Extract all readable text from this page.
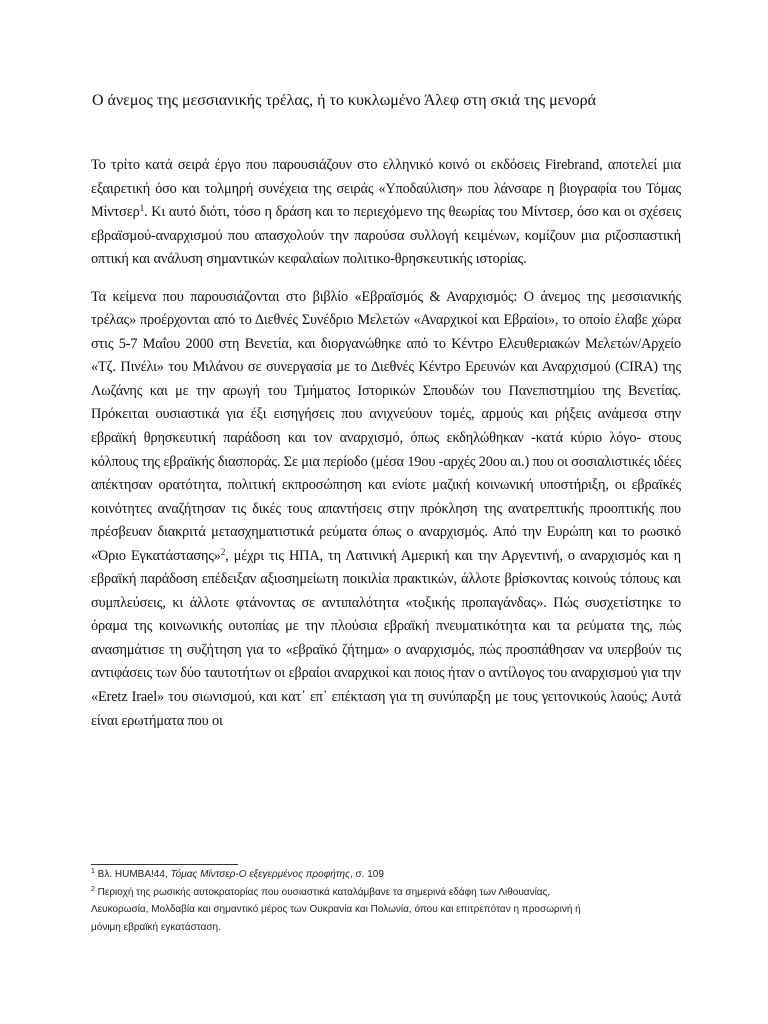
Ο άνεμος της μεσσιανικής τρέλας, ή το κυκλωμένο Άλεφ στη σκιά της μενορά

Το τρίτο κατά σειρά έργο που παρουσιάζουν στο ελληνικό κοινό οι εκδόσεις Firebrand, αποτελεί μια εξαιρετική όσο και τολμηρή συνέχεια της σειράς «Υποδαύλιση» που λάνσαρε η βιογραφία του Τόμας Μίντσερ$^1$. Κι αυτό διότι, τόσο η δράση και το περιεχόμενο της θεωρίας του Μίντσερ, όσο και οι σχέσεις εβραϊσμού-αναρχισμού που απασχολούν την παρούσα συλλογή κειμένων, κομίζουν μια ριζοσπαστική οπτική και ανάλυση σημαντικών κεφαλαίων πολιτικο-θρησκευτικής ιστορίας.

Τα κείμενα που παρουσιάζονται στο βιβλίο «Εβραϊσμός & Αναρχισμός: Ο άνεμος της μεσσιανικής τρέλας» προέρχονται από το Διεθνές Συνέδριο Μελετών «Αναρχικοί και Εβραίοι», το οποίο έλαβε χώρα στις 5-7 Μαΐου 2000 στη Βενετία, και διοργανώθηκε από το Κέντρο Ελευθεριακών Μελετών/Αρχείο «Τζ. Πινέλι» του Μιλάνου σε συνεργασία με το Διεθνές Κέντρο Ερευνών και Αναρχισμού (CIRA) της Λωζάνης και με την αρωγή του Τμήματος Ιστορικών Σπουδών του Πανεπιστημίου της Βενετίας. Πρόκειται ουσιαστικά για έξι εισηγήσεις που ανιχνεύουν τομές, αρμούς και ρήξεις ανάμεσα στην εβραϊκή θρησκευτική παράδοση και τον αναρχισμό, όπως εκδηλώθηκαν -κατά κύριο λόγο- στους κόλπους της εβραϊκής διασποράς. Σε μια περίοδο (μέσα 19ου -αρχές 20ου αι.) που οι σοσιαλιστικές ιδέες απέκτησαν ορατότητα, πολιτική εκπροσώπηση και ενίοτε μαζική κοινωνική υποστήριξη, οι εβραϊκές κοινότητες αναζήτησαν τις δικές τους απαντήσεις στην πρόκληση της ανατρεπτικής προοπτικής που πρέσβευαν διακριτά μετασχηματιστικά ρεύματα όπως ο αναρχισμός. Από την Ευρώπη και το ρωσικό «Όριο Εγκατάστασης»$^2$, μέχρι τις ΗΠΑ, τη Λατινική Αμερική και την Αργεντινή, ο αναρχισμός και η εβραϊκή παράδοση επέδειξαν αξιοσημείωτη ποικιλία πρακτικών, άλλοτε βρίσκοντας κοινούς τόπους και συμπλεύσεις, κι άλλοτε φτάνοντας σε αντιπαλότητα «τοξικής προπαγάνδας». Πώς συσχετίστηκε το όραμα της κοινωνικής ουτοπίας με την πλούσια εβραϊκή πνευματικότητα και τα ρεύματα της, πώς ανασημάτισε τη συζήτηση για το «εβραϊκό ζήτημα» ο αναρχισμός, πώς προσπάθησαν να υπερβούν τις αντιφάσεις των δύο ταυτοτήτων οι εβραίοι αναρχικοί και ποιος ήταν ο αντίλογος του αναρχισμού για την «Eretz Irael» του σιωνισμού, και κατ᾽ επ᾽ επέκταση για τη συνύπαρξη με τους γειτονικούς λαούς; Αυτά είναι ερωτήματα που οι

$^1$ Βλ. HUMBA!44, Τόμας Μίντσερ-Ο εξεγερμένος προφήτης, σ. 109

$^2$ Περιοχή της ρωσικής αυτοκρατορίας που ουσιαστικά καταλάμβανε τα σημερινά εδάφη των Λιθουανίας,
Λευκορωσία, Μολδαβία και σημαντικό μέρος των Ουκρανία και Πολωνία, όπου και επιτρεπόταν η προσωρινή ή
μόνιμη εβραϊκή εγκατάσταση.
